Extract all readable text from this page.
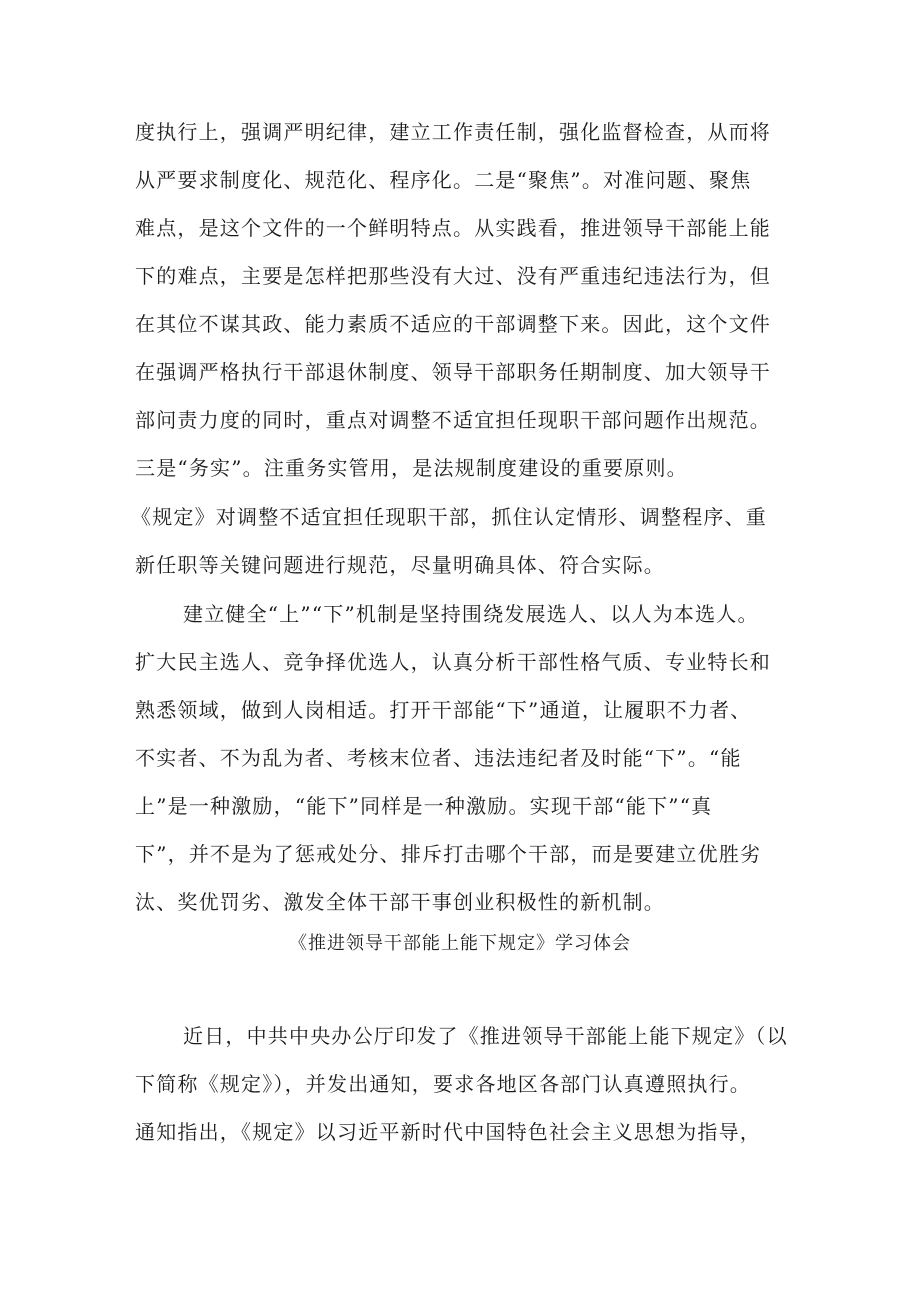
度执行上，强调严明纪律，建立工作责任制，强化监督检查，从而将
从严要求制度化、规范化、程序化。二是“聚焦”。对准问题、聚焦
难点，是这个文件的一个鲜明特点。从实践看，推进领导干部能上能
下的难点，主要是怎样把那些没有大过、没有严重违纪违法行为，但
在其位不谋其政、能力素质不适应的干部调整下来。因此，这个文件
在强调严格执行干部退休制度、领导干部职务任期制度、加大领导干
部问责力度的同时，重点对调整不适宜担任现职干部问题作出规范。
三是“务实”。注重务实管用，是法规制度建设的重要原则。
《规定》对调整不适宜担任现职干部，抓住认定情形、调整程序、重
新任职等关键问题进行规范，尽量明确具体、符合实际。
建立健全“上”“下”机制是坚持围绕发展选人、以人为本选人。
扩大民主选人、竞争择优选人，认真分析干部性格气质、专业特长和
熟悉领域，做到人岗相适。打开干部能“下”通道，让履职不力者、
不实者、不为乱为者、考核末位者、违法违纪者及时能“下”。“能
上”是一种激励，“能下”同样是一种激励。实现干部“能下”“真
下”，并不是为了惩戒处分、排斥打击哪个干部，而是要建立优胜劣
汰、奖优罚劣、激发全体干部干事创业积极性的新机制。
《推进领导干部能上能下规定》学习体会
近日，中共中央办公厅印发了《推进领导干部能上能下规定》（以
下简称《规定》），并发出通知，要求各地区各部门认真遵照执行。
通知指出，《规定》以习近平新时代中国特色社会主义思想为指导，
